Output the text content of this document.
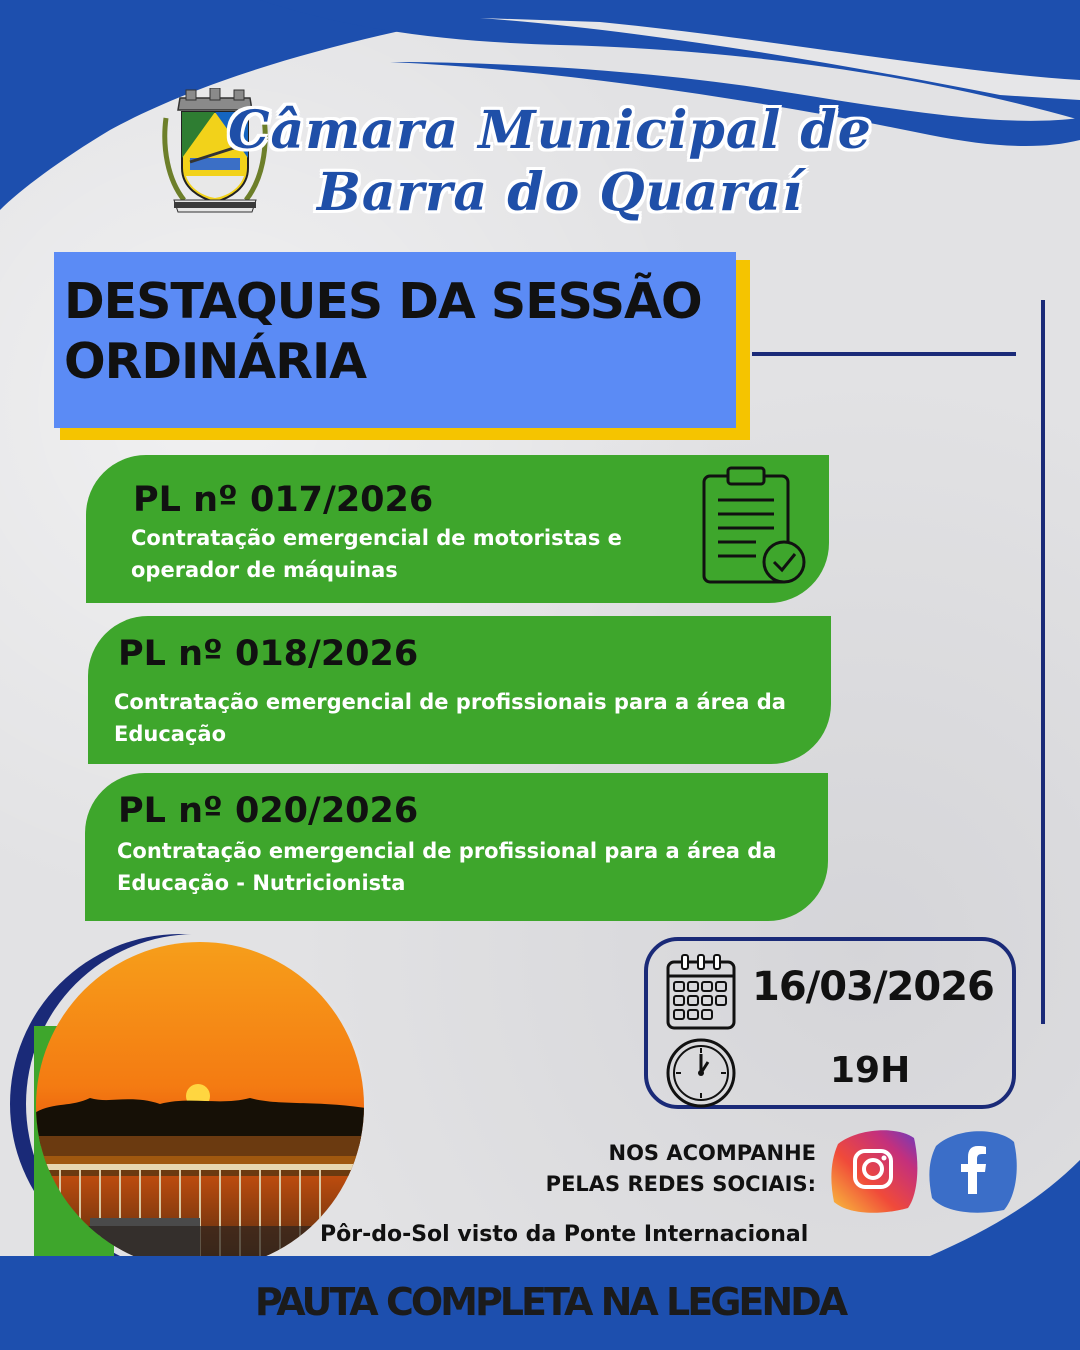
Câmara Municipal de
Barra do Quaraí
DESTAQUES DA SESSÃO
ORDINÁRIA
PL nº 017/2026
Contratação emergencial de motoristas e
operador de máquinas
PL nº 018/2026
Contratação emergencial de profissionais para a área da
Educação
PL nº 020/2026
Contratação emergencial de profissional para a área da
Educação - Nutricionista
16/03/2026
19H
NOS ACOMPANHE
PELAS REDES SOCIAIS:
Pôr-do-Sol visto da Ponte Internacional
PAUTA COMPLETA NA LEGENDA
